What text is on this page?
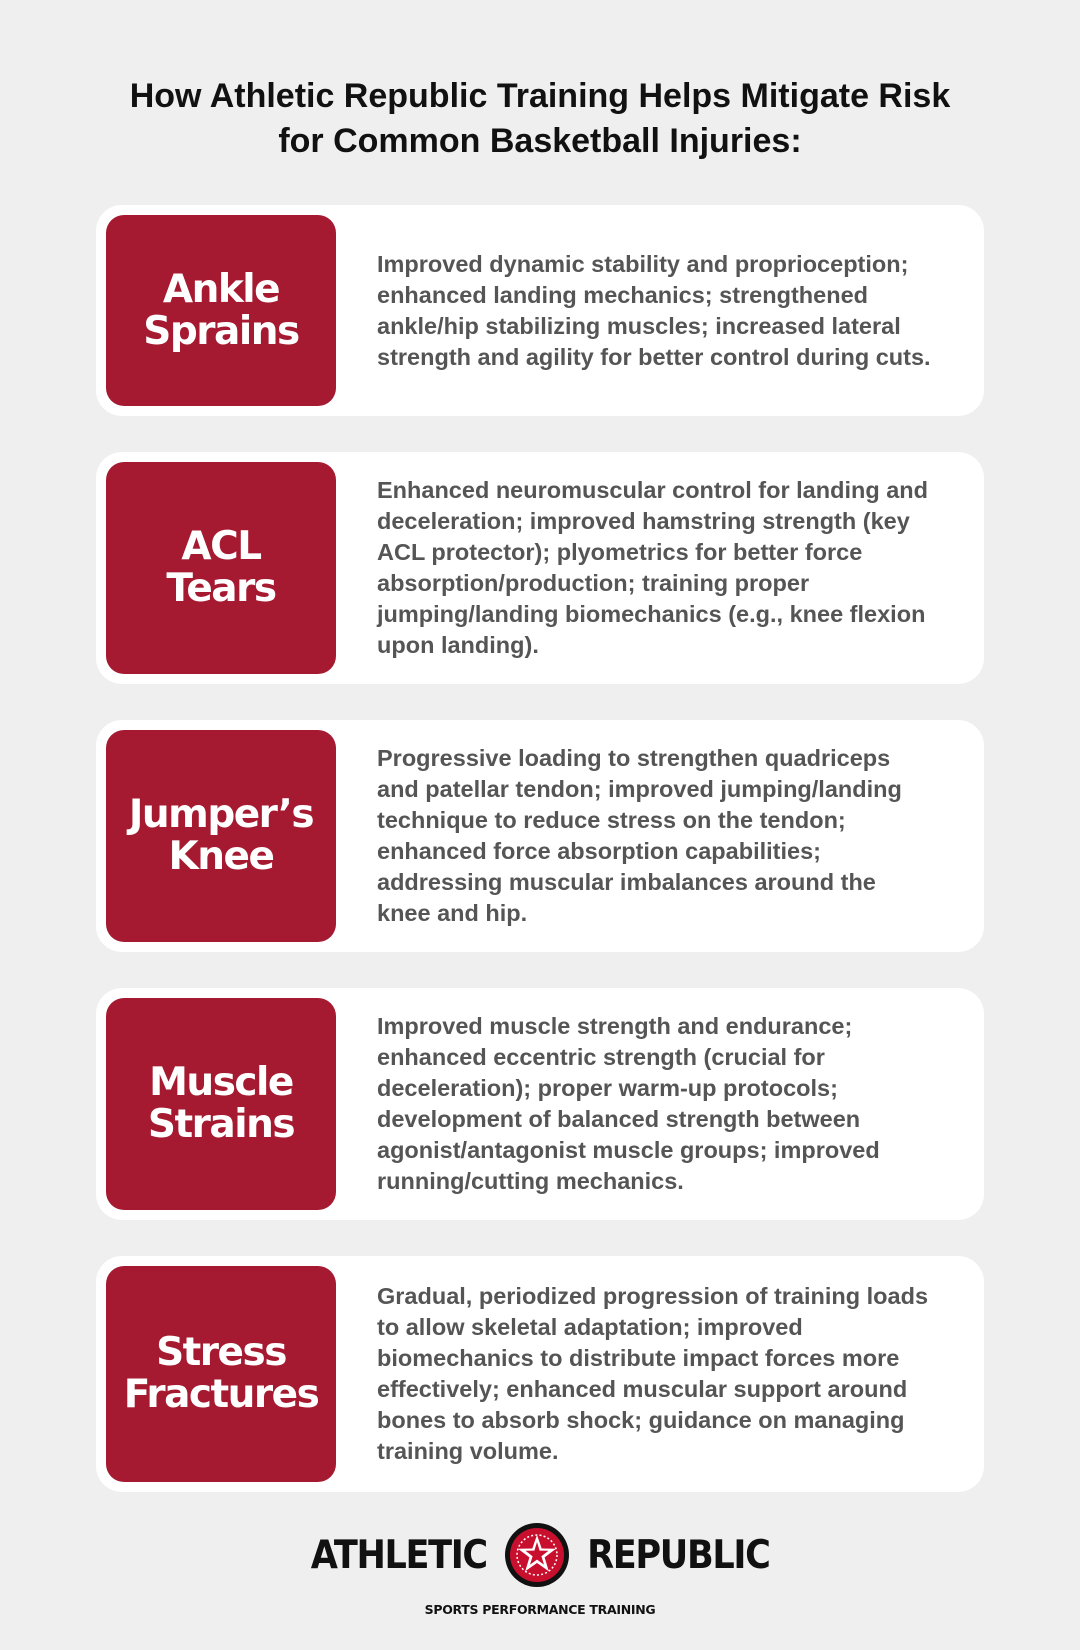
How Athletic Republic Training Helps Mitigate Risk
for Common Basketball Injuries:
Ankle
Sprains
Improved dynamic stability and proprioception; enhanced landing mechanics; strengthened ankle/hip stabilizing muscles; increased lateral strength and agility for better control during cuts.
ACL
Tears
Enhanced neuromuscular control for landing and deceleration; improved hamstring strength (key ACL protector); plyometrics for better force absorption/production; training proper jumping/landing biomechanics (e.g., knee flexion upon landing).
Jumper’s
Knee
Progressive loading to strengthen quadriceps and patellar tendon; improved jumping/landing technique to reduce stress on the tendon; enhanced force absorption capabilities; addressing muscular imbalances around the knee and hip.
Muscle
Strains
Improved muscle strength and endurance; enhanced eccentric strength (crucial for deceleration); proper warm-up protocols; development of balanced strength between agonist/antagonist muscle groups; improved running/cutting mechanics.
Stress
Fractures
Gradual, periodized progression of training loads to allow skeletal adaptation; improved biomechanics to distribute impact forces more effectively; enhanced muscular support around bones to absorb shock; guidance on managing training volume.
ATHLETIC	REPUBLIC
SPORTS PERFORMANCE TRAINING
